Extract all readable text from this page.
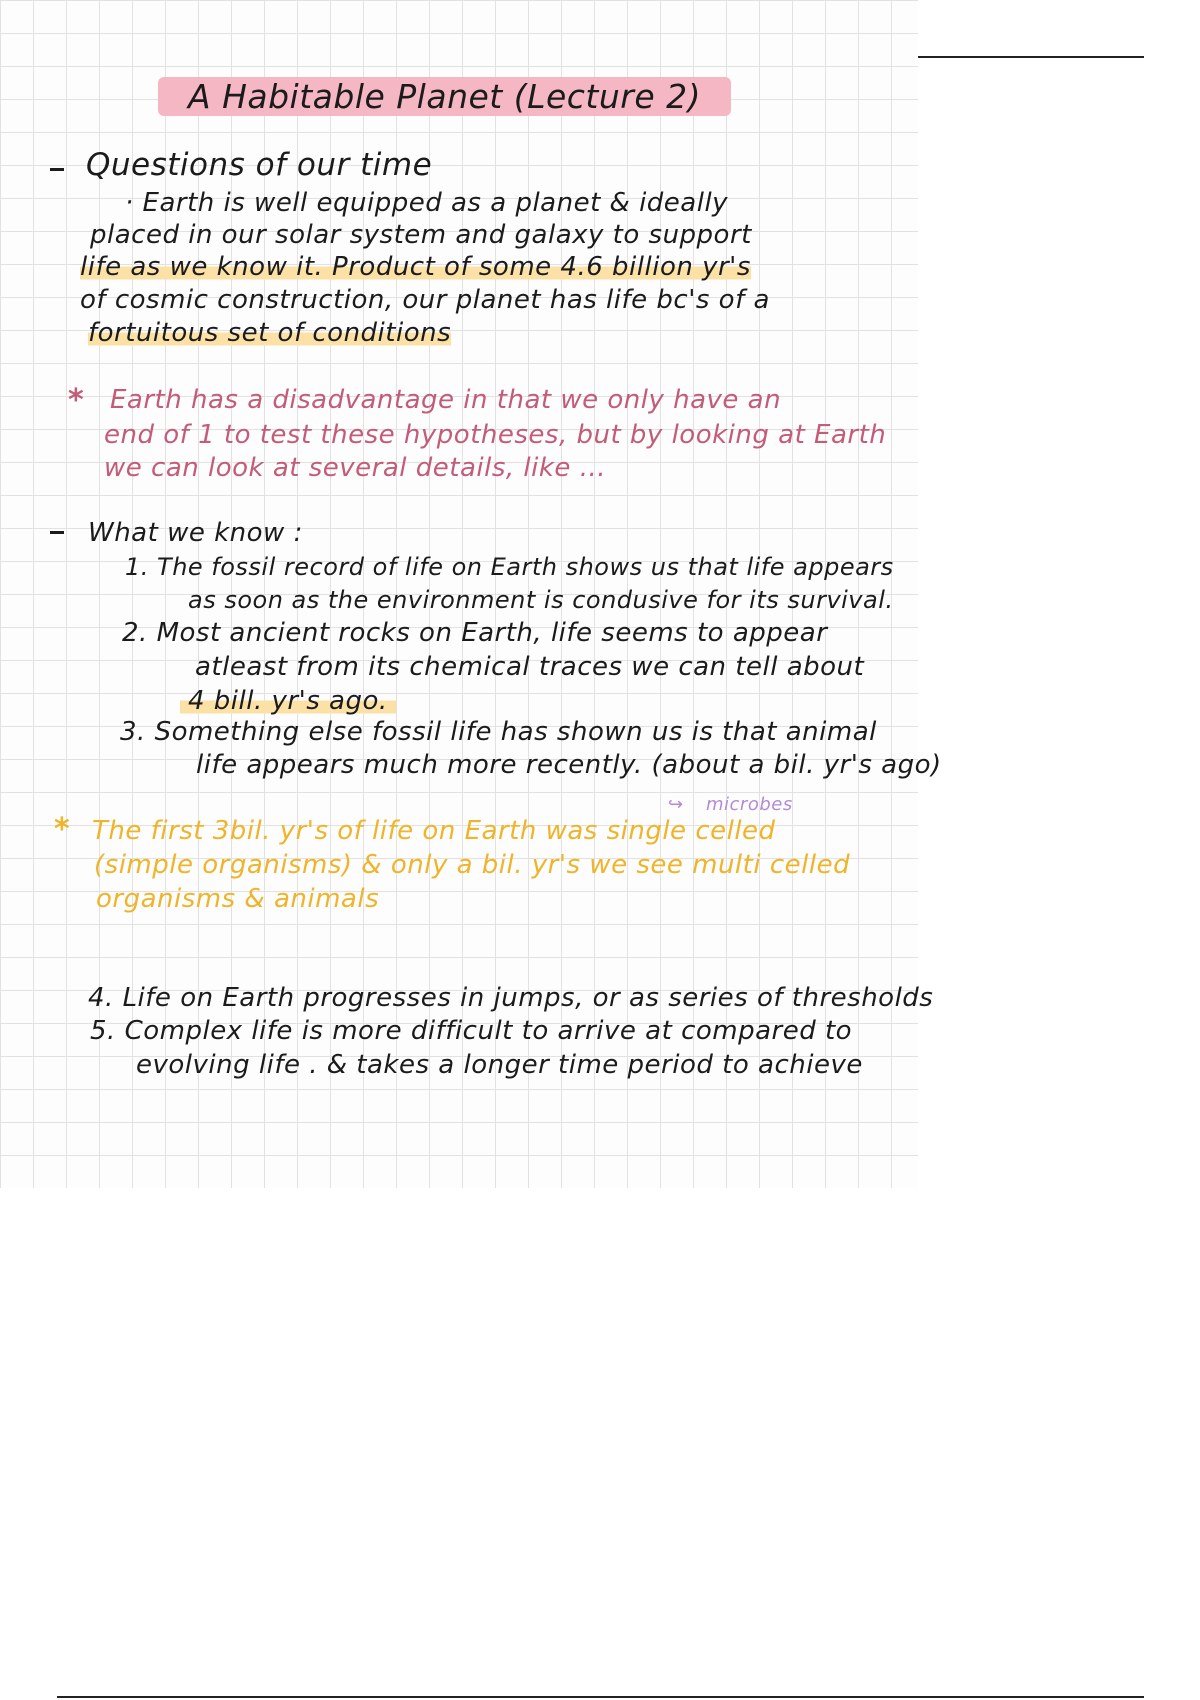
A Habitable Planet (Lecture 2)
Questions of our time
· Earth is well equipped as a planet & ideally
placed in our solar system and galaxy to support
life as we know it. Product of some 4.6 billion yr's
of cosmic construction, our planet has life bc's of a
fortuitous set of conditions
* Earth has a disadvantage in that we only have an
end of 1 to test these hypotheses, but by looking at Earth
we can look at several details, like ...
What we know :
1. The fossil record of life on Earth shows us that life appears
as soon as the environment is condusive for its survival.
2. Most ancient rocks on Earth, life seems to appear
atleast from its chemical traces we can tell about
4 bill. yr's ago.
3. Something else fossil life has shown us is that animal
life appears much more recently. (about a bil. yr's ago)
↪ microbes
* The first 3bil. yr's of life on Earth was single celled
(simple organisms) & only a bil. yr's we see multi celled
organisms & animals
4. Life on Earth progresses in jumps, or as series of thresholds
5. Complex life is more difficult to arrive at compared to
evolving life . & takes a longer time period to achieve
